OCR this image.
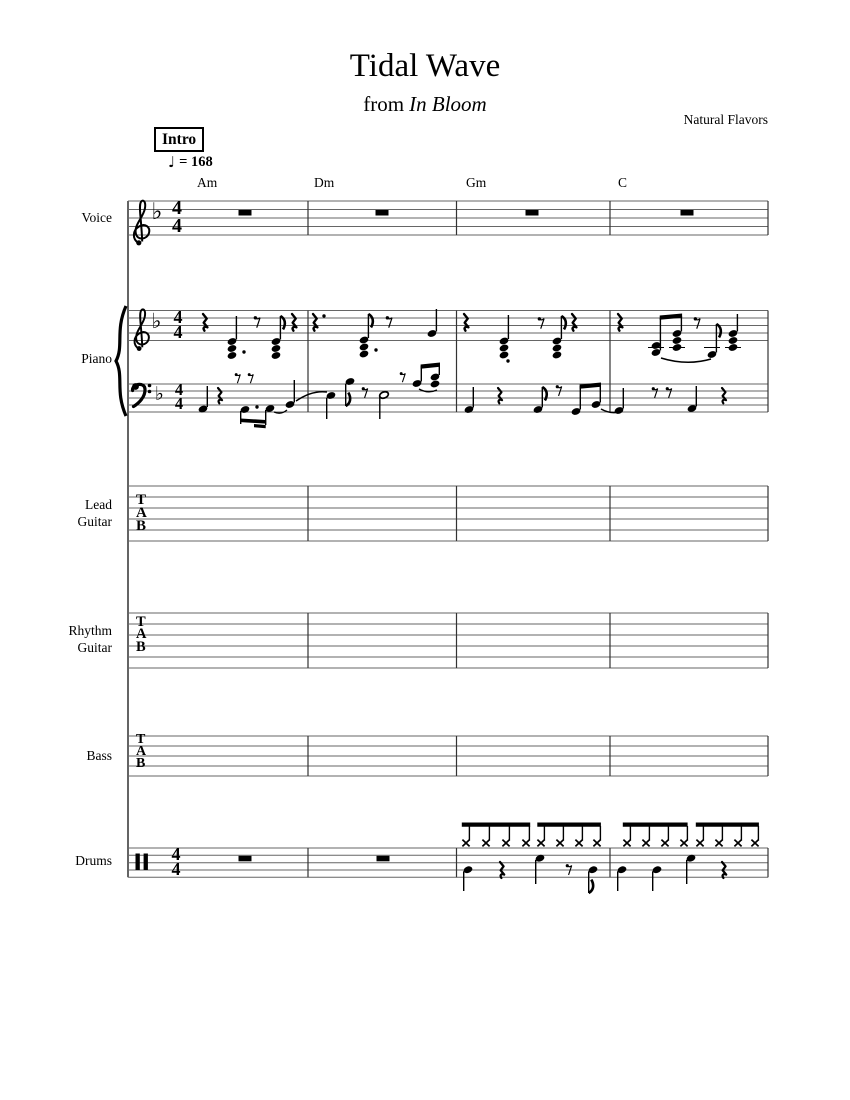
Tidal Wave
from In Bloom
Natural Flavors
Intro
♩ = 168
Am	Dm	Gm	C
Voice
Piano
Lead
Guitar
Rhythm
Guitar
Bass
Drums
♭
♭
♭
4
4
4
4
4
4
4
4
T
A
B
T
A
B
T
A
B
